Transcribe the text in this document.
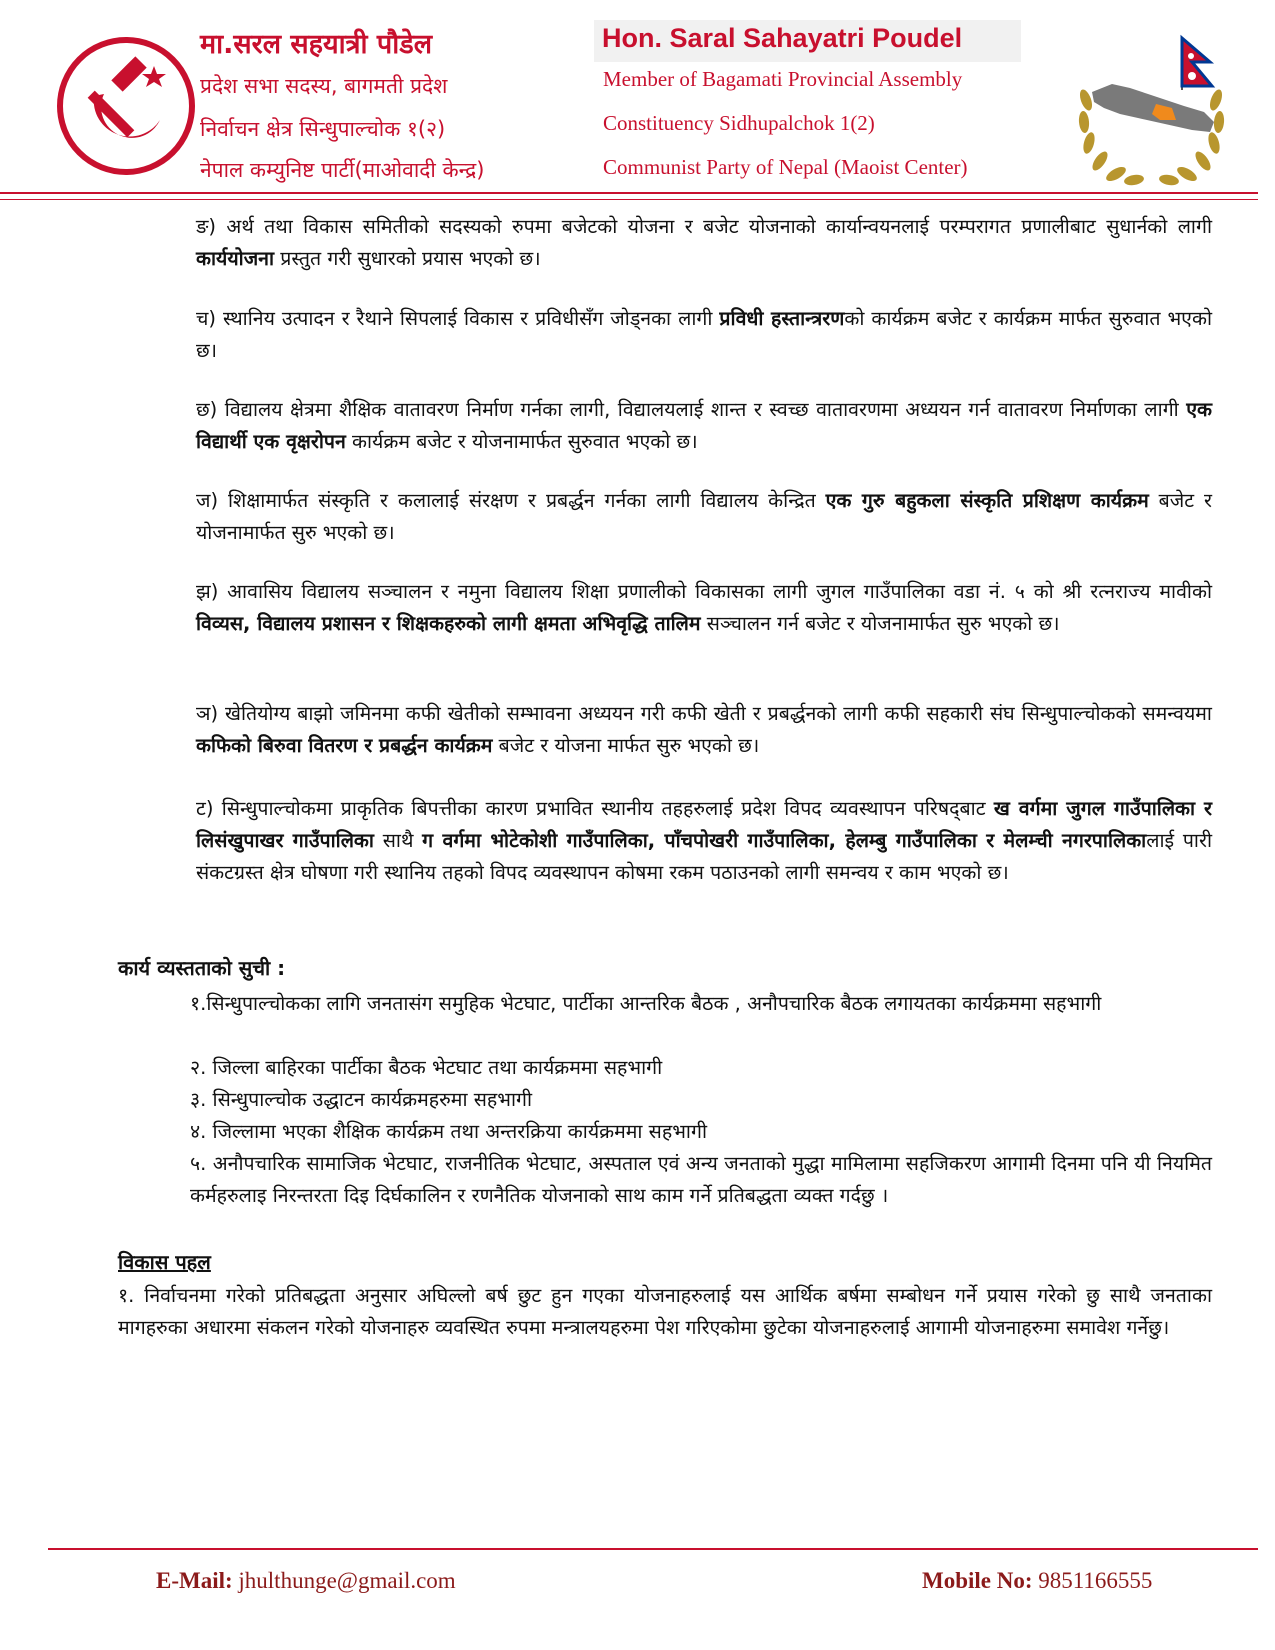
मा.सरल सहयात्री पौडेल
प्रदेश सभा सदस्य, बागमती प्रदेश
निर्वाचन क्षेत्र सिन्धुपाल्चोक १(२)
नेपाल कम्युनिष्ट पार्टी(माओवादी केन्द्र)
Hon. Saral Sahayatri Poudel
Member of Bagamati Provincial Assembly
Constituency Sidhupalchok 1(2)
Communist Party of Nepal (Maoist Center)
ङ) अर्थ तथा विकास समितीको सदस्यको रुपमा बजेटको योजना र बजेट योजनाको कार्यान्वयनलाई परम्परागत प्रणालीबाट सुधार्नको लागी कार्ययोजना प्रस्तुत गरी सुधारको प्रयास भएको छ।
च) स्थानिय उत्पादन र रैथाने सिपलाई विकास र प्रविधीसँग जोड्नका लागी प्रविधी हस्तान्त्ररणको कार्यक्रम बजेट र कार्यक्रम मार्फत सुरुवात भएको छ।
छ) विद्यालय क्षेत्रमा शैक्षिक वातावरण निर्माण गर्नका लागी, विद्यालयलाई शान्त र स्वच्छ वातावरणमा अध्ययन गर्न वातावरण निर्माणका लागी एक विद्यार्थी एक वृक्षरोपन कार्यक्रम बजेट र योजनामार्फत सुरुवात भएको छ।
ज) शिक्षामार्फत संस्कृति र कलालाई संरक्षण र प्रबर्द्धन गर्नका लागी विद्यालय केन्द्रित एक गुरु बहुकला संस्कृति प्रशिक्षण कार्यक्रम बजेट र योजनामार्फत सुरु भएको छ।
झ) आवासिय विद्यालय सञ्चालन र नमुना विद्यालय शिक्षा प्रणालीको विकासका लागी जुगल गाउँपालिका वडा नं. ५ को श्री रत्नराज्य मावीको विव्यस, विद्यालय प्रशासन र शिक्षकहरुको लागी क्षमता अभिवृद्धि तालिम सञ्चालन गर्न बजेट र योजनामार्फत सुरु भएको छ।
ञ) खेतियोग्य बाझो जमिनमा कफी खेतीको सम्भावना अध्ययन गरी कफी खेती र प्रबर्द्धनको लागी कफी सहकारी संघ सिन्धुपाल्चोकको समन्वयमा कफिको बिरुवा वितरण र प्रबर्द्धन कार्यक्रम बजेट र योजना मार्फत सुरु भएको छ।
ट) सिन्धुपाल्चोकमा प्राकृतिक बिपत्तीका कारण प्रभावित स्थानीय तहहरुलाई प्रदेश विपद व्यवस्थापन परिषद्‌बाट ख वर्गमा जुगल गाउँपालिका र लिसंखुपाखर गाउँपालिका साथै ग वर्गमा भोटेकोशी गाउँपालिका, पाँचपोखरी गाउँपालिका, हेलम्बु गाउँपालिका र मेलम्ची नगरपालिकालाई पारी संकटग्रस्त क्षेत्र घोषणा गरी स्थानिय तहको विपद व्यवस्थापन कोषमा रकम पठाउनको लागी समन्वय र काम भएको छ।
कार्य व्यस्तताको सुची :
१.सिन्धुपाल्चोकका लागि जनतासंग समुहिक भेटघाट, पार्टीका आन्तरिक बैठक , अनौपचारिक बैठक लगायतका कार्यक्रममा सहभागी
२. जिल्ला बाहिरका पार्टीका बैठक भेटघाट तथा कार्यक्रममा सहभागी
३. सिन्धुपाल्चोक उद्धाटन कार्यक्रमहरुमा सहभागी
४. जिल्लामा भएका शैक्षिक कार्यक्रम तथा अन्तरक्रिया कार्यक्रममा सहभागी
५. अनौपचारिक सामाजिक भेटघाट, राजनीतिक भेटघाट, अस्पताल एवं अन्य जनताको मुद्धा मामिलामा सहजिकरण आगामी दिनमा पनि यी नियमित कर्महरुलाइ निरन्तरता दिइ दिर्घकालिन र रणनैतिक योजनाको साथ काम गर्ने प्रतिबद्धता व्यक्त गर्दछु ।
विकास पहल
१. निर्वाचनमा गरेको प्रतिबद्धता अनुसार अघिल्लो बर्ष छुट हुन गएका योजनाहरुलाई यस आर्थिक बर्षमा सम्बोधन गर्ने प्रयास गरेको छु साथै जनताका मागहरुका अधारमा संकलन गरेको योजनाहरु व्यवस्थित रुपमा मन्त्रालयहरुमा पेश गरिएकोमा छुटेका योजनाहरुलाई आगामी योजनाहरुमा समावेश गर्नेछु।
E-Mail: jhulthunge@gmail.com	Mobile No: 9851166555
